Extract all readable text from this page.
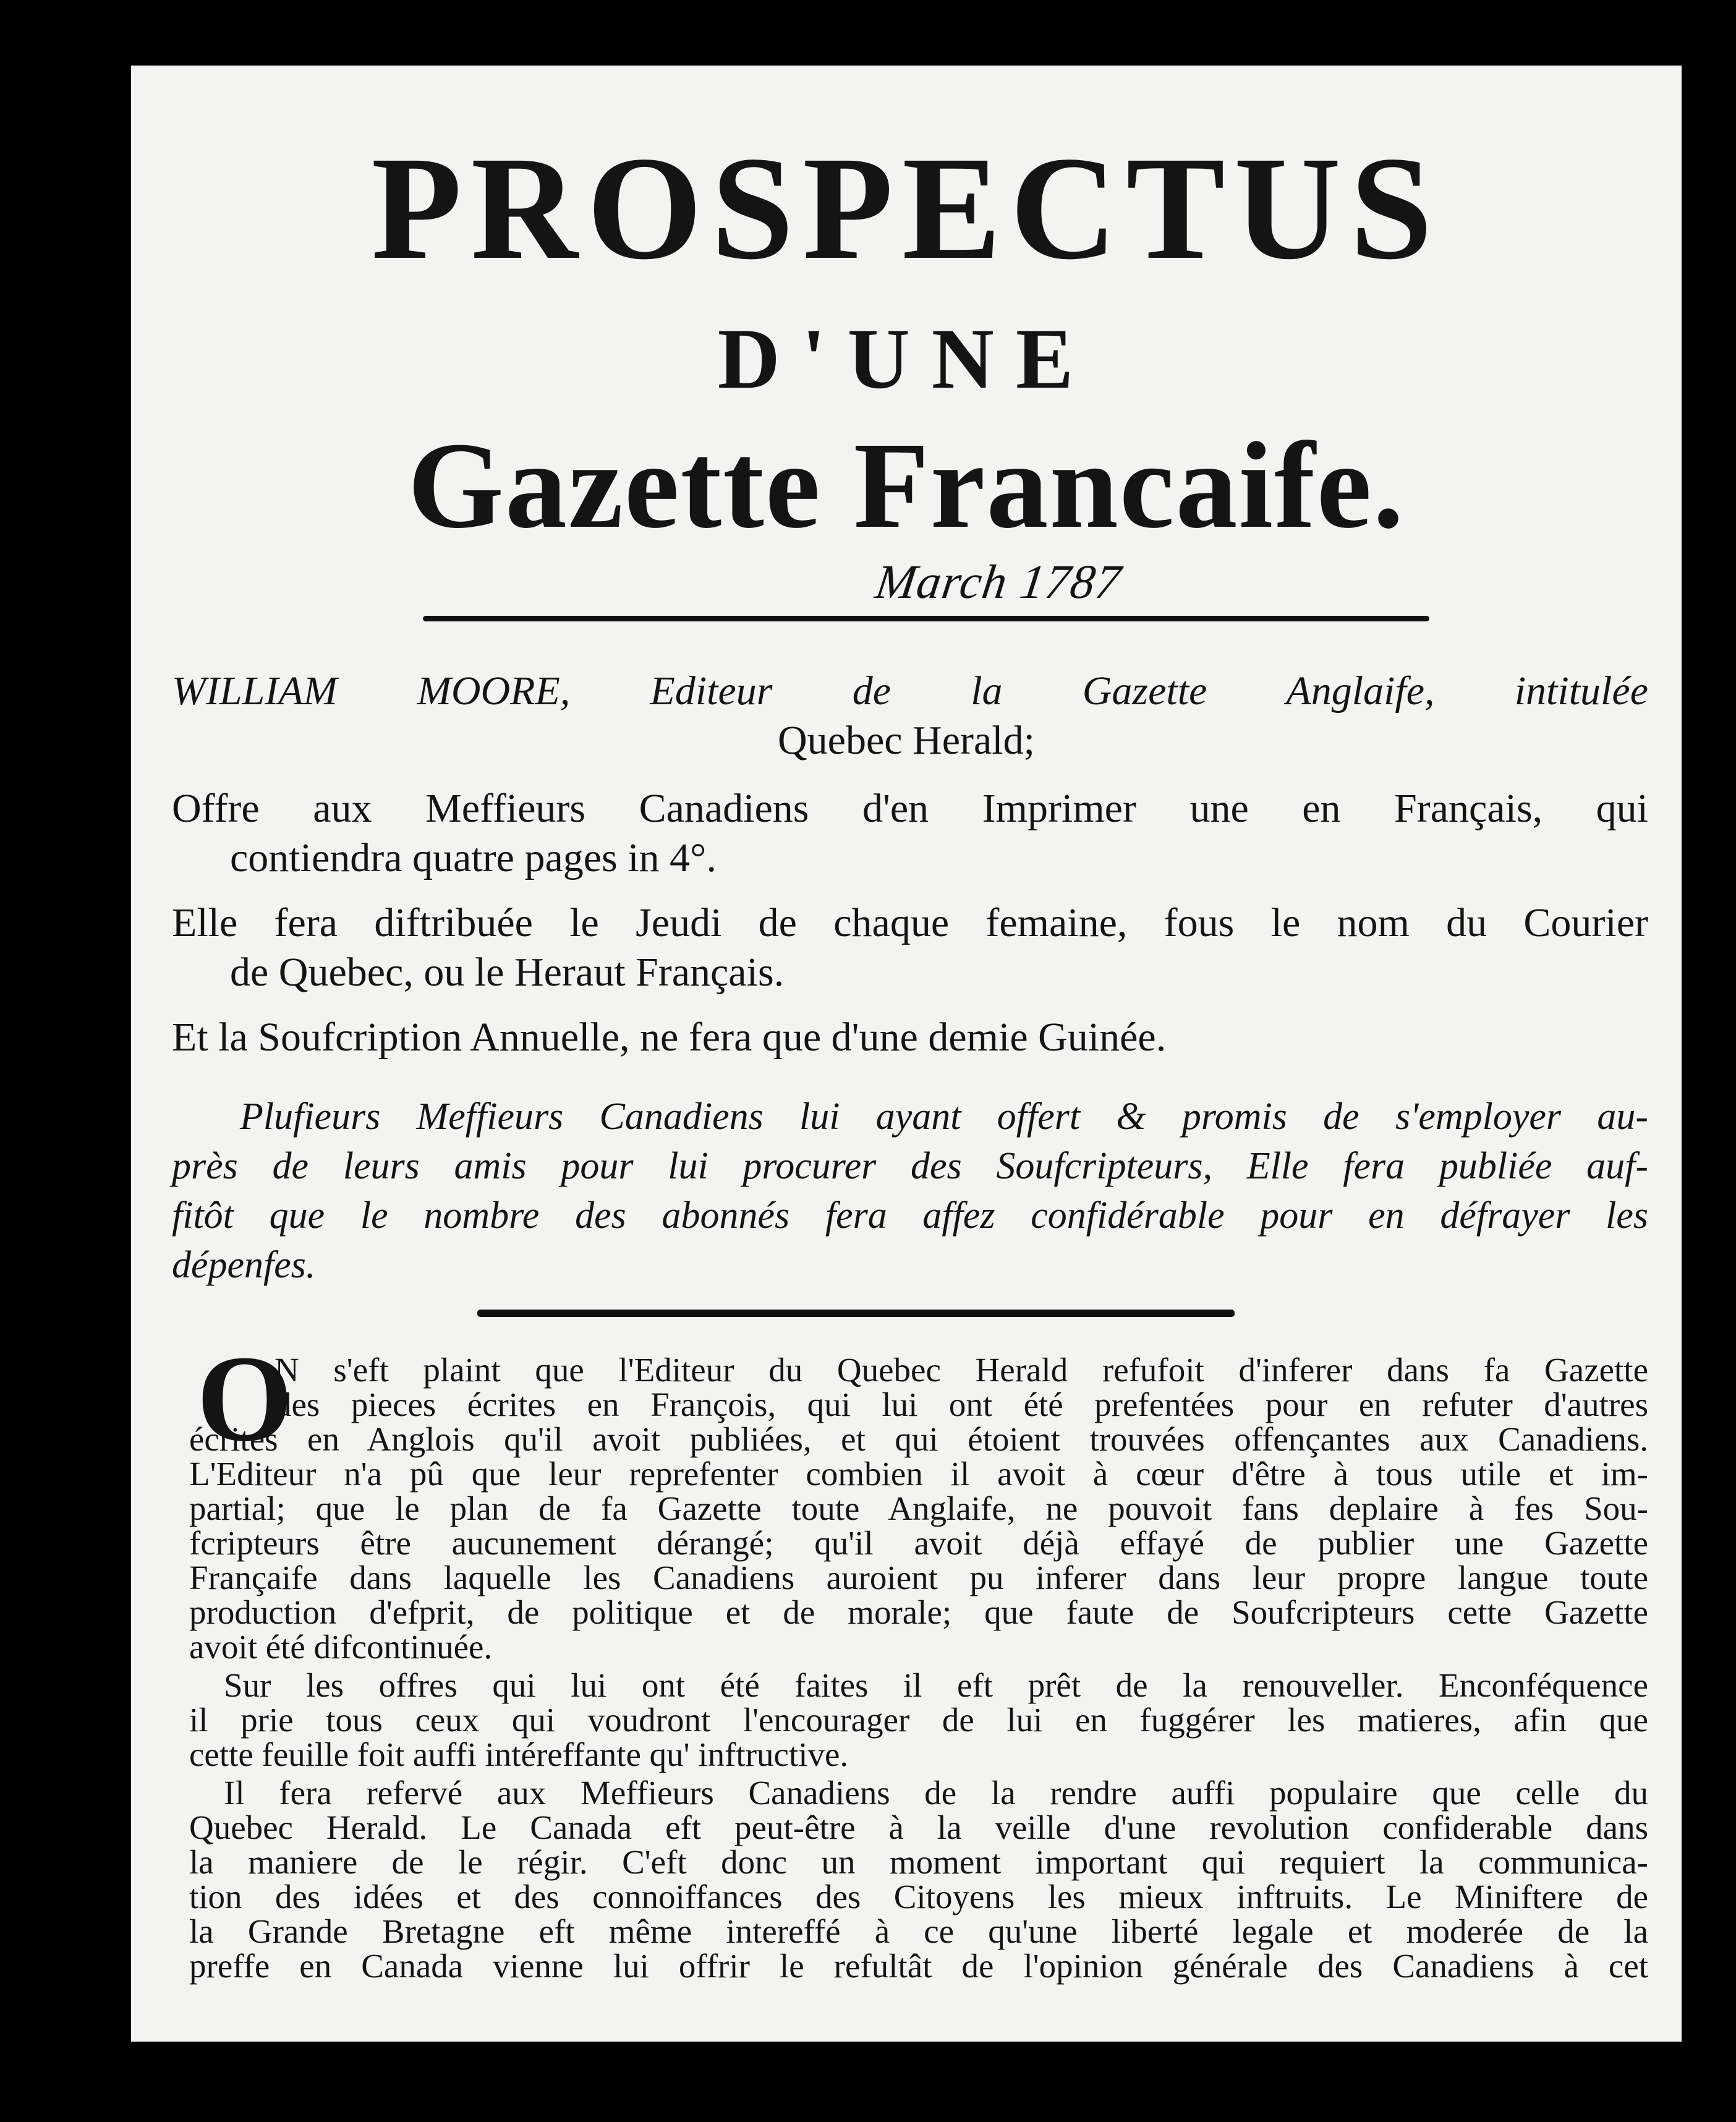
PROSPECTUS
D'UNE
Gazette Francaife.
March 1787
WILLIAM MOORE, Editeur de la Gazette Anglaife, intitulée
Quebec Herald;
Offre aux Meffieurs Canadiens d'en Imprimer une en Français, qui
contiendra quatre pages in 4°.
Elle fera diftribuée le Jeudi de chaque femaine, fous le nom du Courier
de Quebec, ou le Heraut Français.
Et la Soufcription Annuelle, ne fera que d'une demie Guinée.
Plufieurs Meffieurs Canadiens lui ayant offert & promis de s'employer au-
près de leurs amis pour lui procurer des Soufcripteurs, Elle fera publiée auf-
fitôt que le nombre des abonnés fera affez confidérable pour en défrayer les
dépenfes.
O
N s'eft plaint que l'Editeur du Quebec Herald refufoit d'inferer dans fa Gazette
des pieces écrites en François, qui lui ont été prefentées pour en refuter d'autres
écrites en Anglois qu'il avoit publiées, et qui étoient trouvées offençantes aux Canadiens.
L'Editeur n'a pû que leur reprefenter combien il avoit à cœur d'être à tous utile et im-
partial; que le plan de fa Gazette toute Anglaife, ne pouvoit fans deplaire à fes Sou-
fcripteurs être aucunement dérangé; qu'il avoit déjà effayé de publier une Gazette
Françaife dans laquelle les Canadiens auroient pu inferer dans leur propre langue toute
production d'efprit, de politique et de morale; que faute de Soufcripteurs cette Gazette
avoit été difcontinuée.
Sur les offres qui lui ont été faites il eft prêt de la renouveller. Enconféquence
il prie tous ceux qui voudront l'encourager de lui en fuggérer les matieres, afin que
cette feuille foit auffi intéreffante qu' inftructive.
Il fera refervé aux Meffieurs Canadiens de la rendre auffi populaire que celle du
Quebec Herald. Le Canada eft peut-être à la veille d'une revolution confiderable dans
la maniere de le régir. C'eft donc un moment important qui requiert la communica-
tion des idées et des connoiffances des Citoyens les mieux inftruits. Le Miniftere de
la Grande Bretagne eft même intereffé à ce qu'une liberté legale et moderée de la
preffe en Canada vienne lui offrir le refultât de l'opinion générale des Canadiens à cet
